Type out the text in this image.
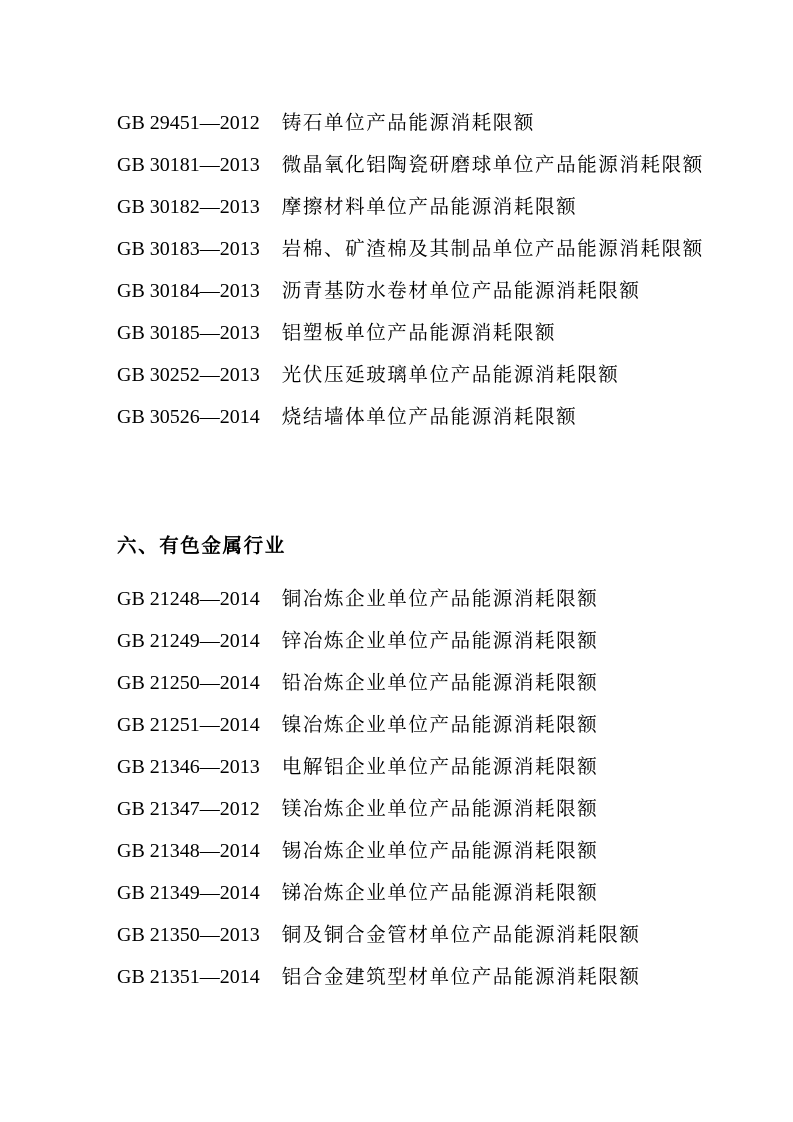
GB 29451—2012 铸石单位产品能源消耗限额

GB 30181—2013 微晶氧化铝陶瓷研磨球单位产品能源消耗限额

GB 30182—2013 摩擦材料单位产品能源消耗限额

GB 30183—2013 岩棉、矿渣棉及其制品单位产品能源消耗限额

GB 30184—2013 沥青基防水卷材单位产品能源消耗限额

GB 30185—2013 铝塑板单位产品能源消耗限额

GB 30252—2013 光伏压延玻璃单位产品能源消耗限额

GB 30526—2014 烧结墙体单位产品能源消耗限额

六、有色金属行业

GB 21248—2014 铜冶炼企业单位产品能源消耗限额

GB 21249—2014 锌冶炼企业单位产品能源消耗限额

GB 21250—2014 铅冶炼企业单位产品能源消耗限额

GB 21251—2014 镍冶炼企业单位产品能源消耗限额

GB 21346—2013 电解铝企业单位产品能源消耗限额

GB 21347—2012 镁冶炼企业单位产品能源消耗限额

GB 21348—2014 锡冶炼企业单位产品能源消耗限额

GB 21349—2014 锑冶炼企业单位产品能源消耗限额

GB 21350—2013 铜及铜合金管材单位产品能源消耗限额

GB 21351—2014 铝合金建筑型材单位产品能源消耗限额
